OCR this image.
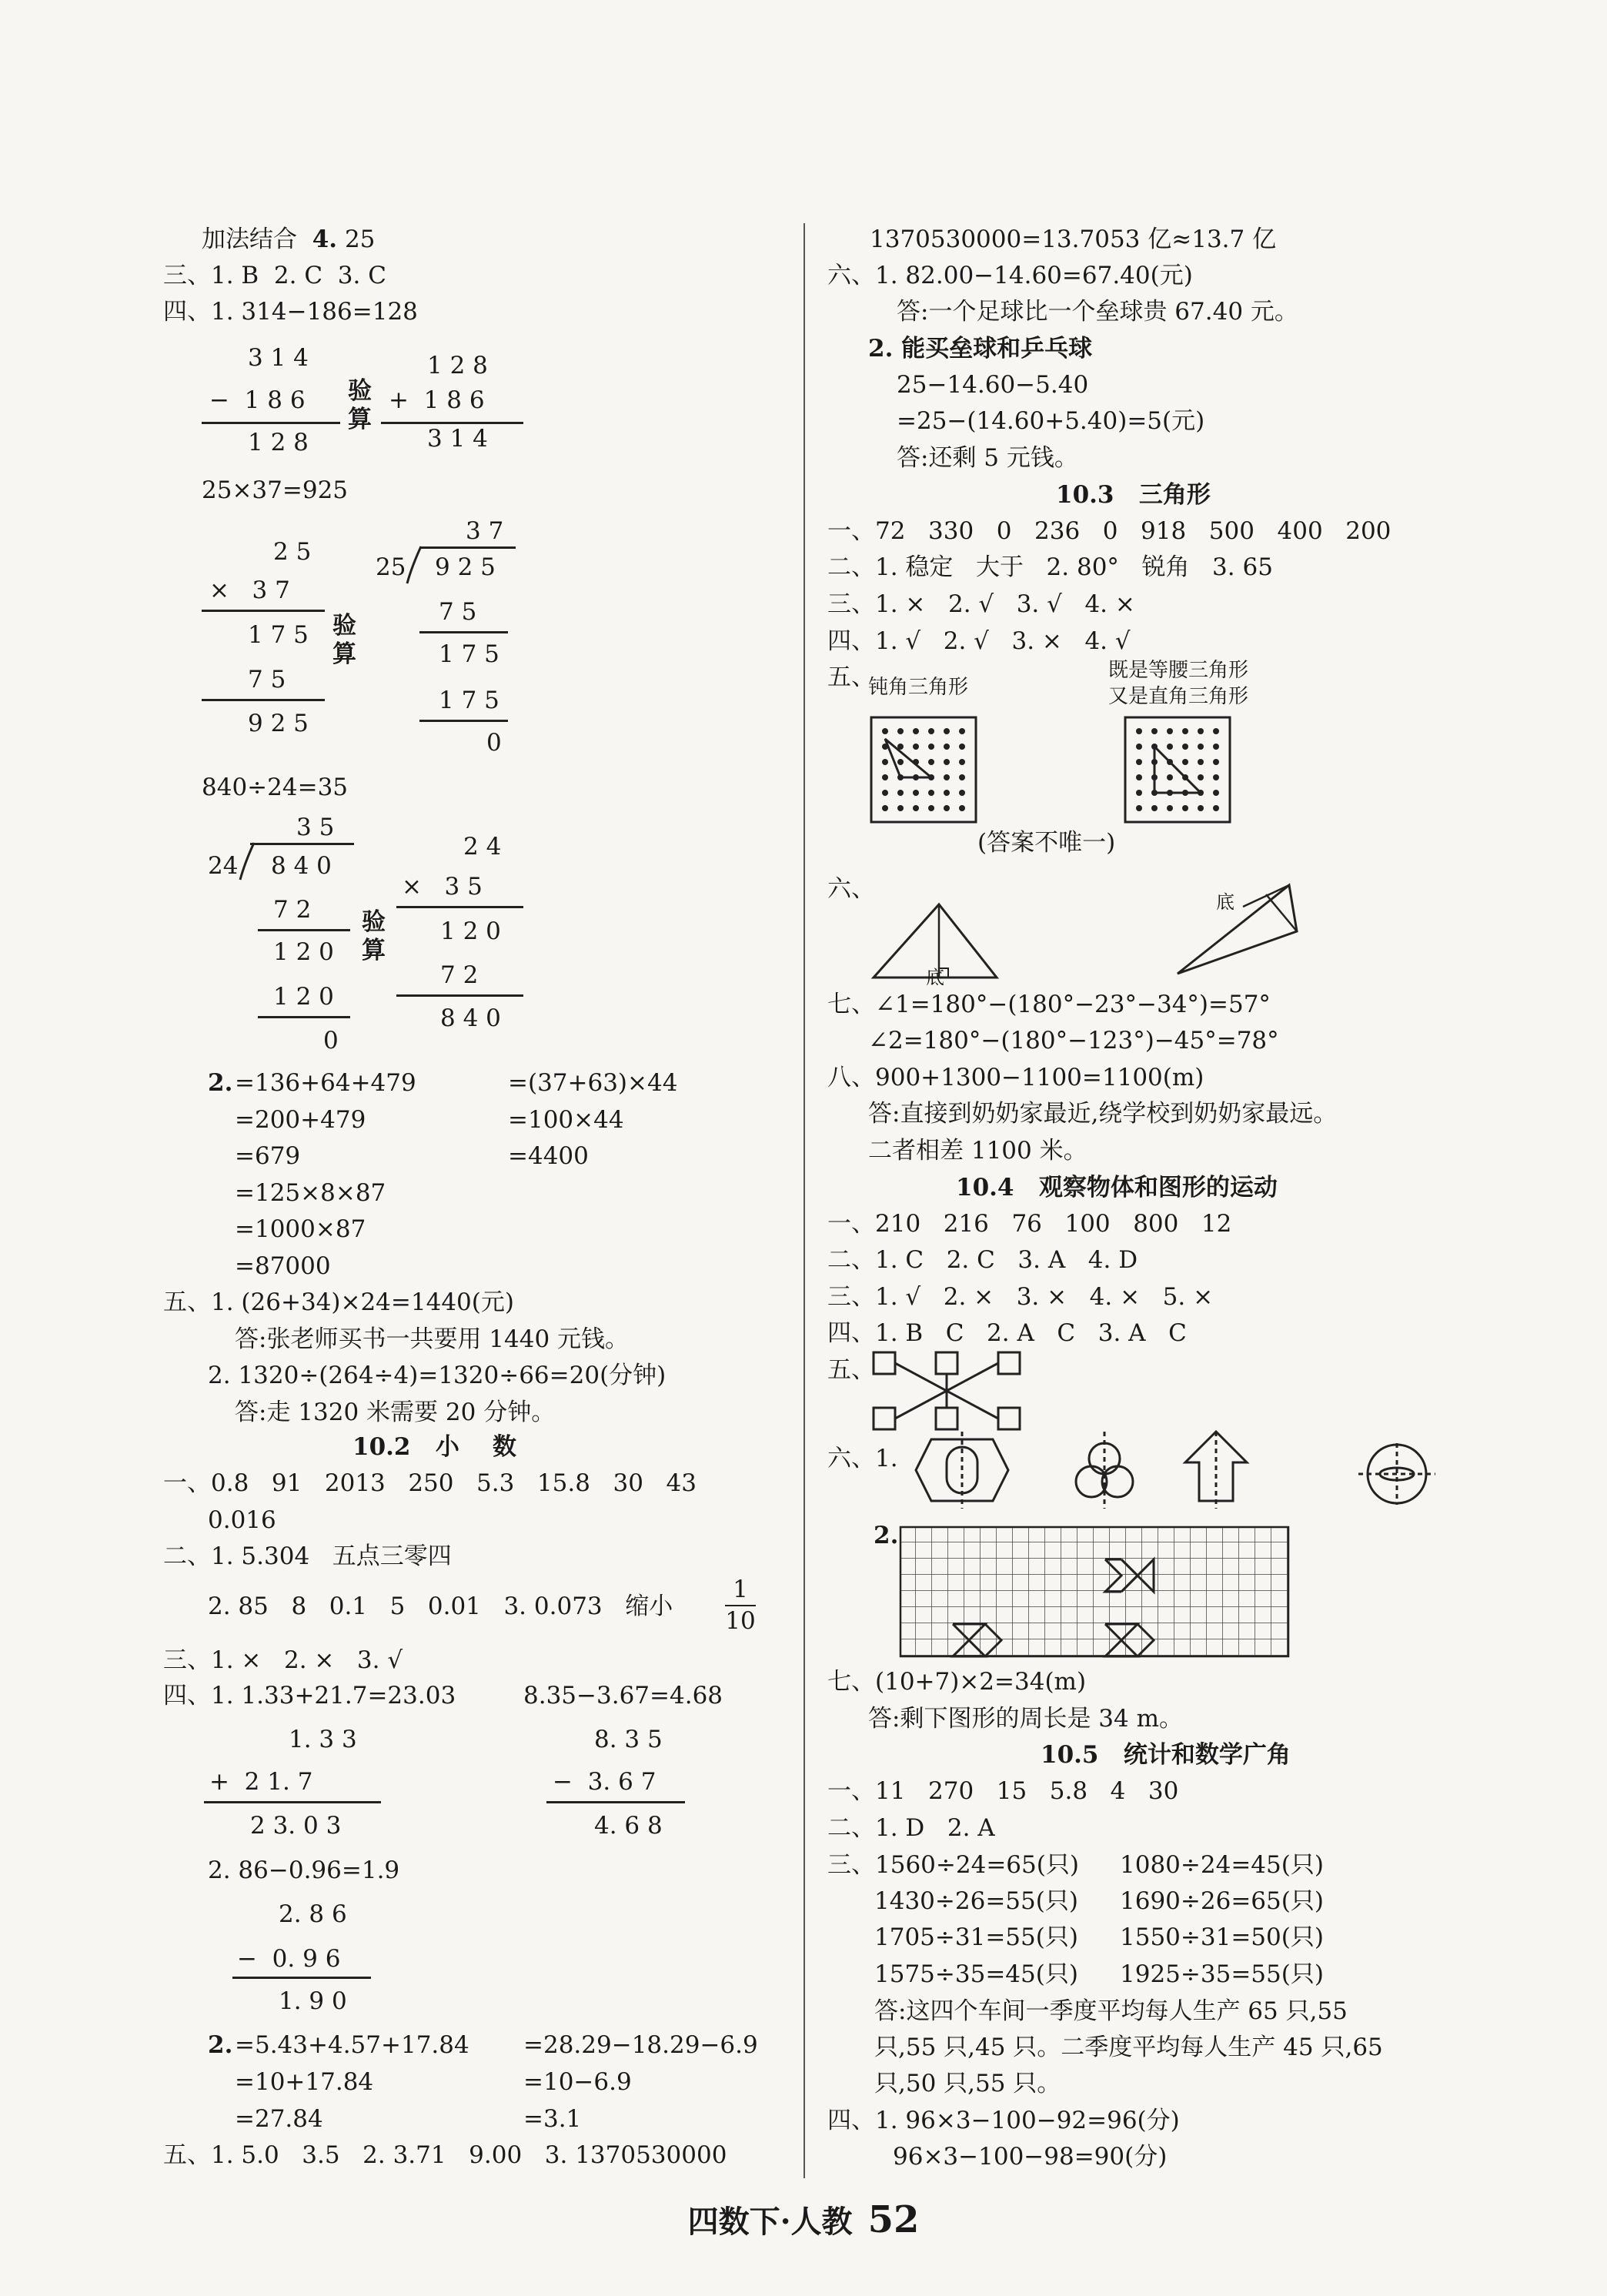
加法结合 4. 25
三、1. B  2. C  3. C
四、1. 314−186=128
3 1 4
−  1 8 6
1 2 8
验
算
1 2 8
+  1 8 6
3 1 4
25×37=925
2 5
×   3 7
1 7 5
7 5
9 2 5
验
算
3 7
25 9 2 5
7 5
1 7 5
1 7 5
0
840÷24=35
3 5
24 8 4 0
7 2
1 2 0
1 2 0
0
验
算
2 4
×   3 5
1 2 0
7 2
8 4 0
2. =136+64+479
=200+479
=679
=125×8×87
=1000×87
=87000
=(37+63)×44
=100×44
=4400
五、1. (26+34)×24=1440(元)
答:张老师买书一共要用 1440 元钱。
2. 1320÷(264÷4)=1320÷66=20(分钟)
答:走 1320 米需要 20 分钟。
10.2   小    数
一、0.8   91   2013   250   5.3   15.8   30   43
0.016
二、1. 5.304   五点三零四
2. 85   8   0.1   5   0.01   3. 0.073   缩小
1
10
三、1. ×   2. ×   3. √
四、1. 1.33+21.7=23.03	8.35−3.67=4.68
1. 3 3
+  2 1. 7
2 3. 0 3
8. 3 5
−  3. 6 7
4. 6 8
2. 86−0.96=1.9
2. 8 6
−  0. 9 6
1. 9 0
2. =5.43+4.57+17.84
=10+17.84
=27.84
=28.29−18.29−6.9
=10−6.9
=3.1
五、1. 5.0   3.5   2. 3.71   9.00   3. 1370530000
1370530000=13.7053 亿≈13.7 亿
六、1. 82.00−14.60=67.40(元)
答:一个足球比一个垒球贵 67.40 元。
2. 能买垒球和乒乓球
25−14.60−5.40
=25−(14.60+5.40)=5(元)
答:还剩 5 元钱。
10.3   三角形
一、72   330   0   236   0   918   500   400   200
二、1. 稳定   大于   2. 80°   锐角   3. 65
三、1. ×   2. √   3. √   4. ×
四、1. √   2. √   3. ×   4. √
五、
钝角三角形
既是等腰三角形
又是直角三角形
(答案不唯一)
六、
底
底
七、∠1=180°−(180°−23°−34°)=57°
∠2=180°−(180°−123°)−45°=78°
八、900+1300−1100=1100(m)
答:直接到奶奶家最近,绕学校到奶奶家最远。
二者相差 1100 米。
10.4   观察物体和图形的运动
一、210   216   76   100   800   12
二、1. C   2. C   3. A   4. D
三、1. √   2. ×   3. ×   4. ×   5. ×
四、1. B   C   2. A   C   3. A   C
五、
六、1.
2.
七、(10+7)×2=34(m)
答:剩下图形的周长是 34 m。
10.5   统计和数学广角
一、11   270   15   5.8   4   30
二、1. D   2. A
三、1560÷24=65(只) 1080÷24=45(只)
1430÷26=55(只) 1690÷26=65(只)
1705÷31=55(只) 1550÷31=50(只)
1575÷35=45(只) 1925÷35=55(只)
答:这四个车间一季度平均每人生产 65 只,55
只,55 只,45 只。二季度平均每人生产 45 只,65
只,50 只,55 只。
四、1. 96×3−100−92=96(分)
96×3−100−98=90(分)
四数下·人教 52
